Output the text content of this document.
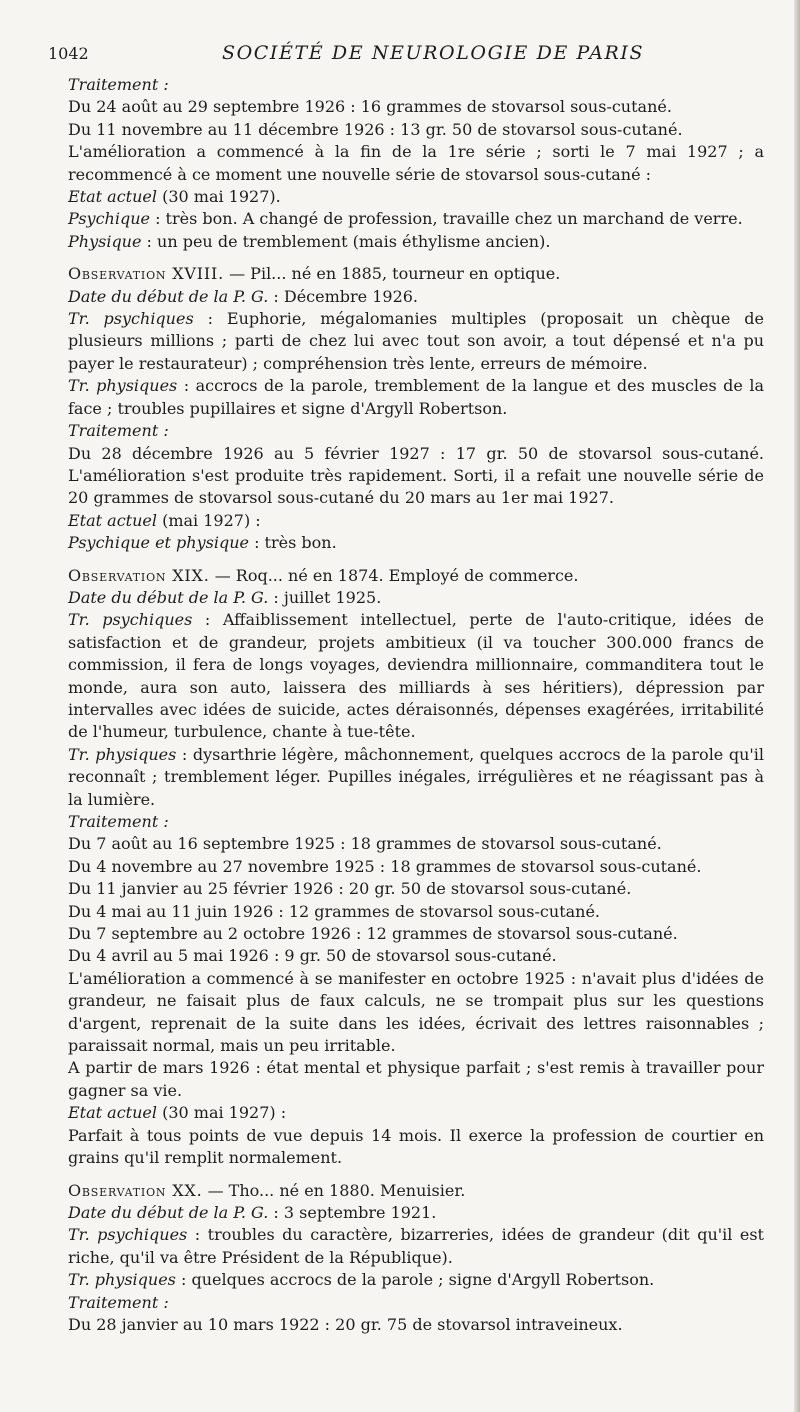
1042	SOCIÉTÉ DE NEUROLOGIE DE PARIS

Traitement :

Du 24 août au 29 septembre 1926 : 16 grammes de stovarsol sous-cutané.

Du 11 novembre au 11 décembre 1926 : 13 gr. 50 de stovarsol sous-cutané.

L'amélioration a commencé à la fin de la 1re série ; sorti le 7 mai 1927 ; a recommencé à ce moment une nouvelle série de stovarsol sous-cutané :

Etat actuel (30 mai 1927).

Psychique : très bon. A changé de profession, travaille chez un marchand de verre.

Physique : un peu de tremblement (mais éthylisme ancien).

Observation XVIII. — Pil... né en 1885, tourneur en optique.

Date du début de la P. G. : Décembre 1926.

Tr. psychiques : Euphorie, mégalomanies multiples (proposait un chèque de plusieurs millions ; parti de chez lui avec tout son avoir, a tout dépensé et n'a pu payer le restaurateur) ; compréhension très lente, erreurs de mémoire.

Tr. physiques : accrocs de la parole, tremblement de la langue et des muscles de la face ; troubles pupillaires et signe d'Argyll Robertson.

Traitement :

Du 28 décembre 1926 au 5 février 1927 : 17 gr. 50 de stovarsol sous-cutané. L'amélioration s'est produite très rapidement. Sorti, il a refait une nouvelle série de 20 grammes de stovarsol sous-cutané du 20 mars au 1er mai 1927.

Etat actuel (mai 1927) :

Psychique et physique : très bon.

Observation XIX. — Roq... né en 1874. Employé de commerce.

Date du début de la P. G. : juillet 1925.

Tr. psychiques : Affaiblissement intellectuel, perte de l'auto-critique, idées de satisfaction et de grandeur, projets ambitieux (il va toucher 300.000 francs de commission, il fera de longs voyages, deviendra millionnaire, commanditera tout le monde, aura son auto, laissera des milliards à ses héritiers), dépression par intervalles avec idées de suicide, actes déraisonnés, dépenses exagérées, irritabilité de l'humeur, turbulence, chante à tue-tête.

Tr. physiques : dysarthrie légère, mâchonnement, quelques accrocs de la parole qu'il reconnaît ; tremblement léger. Pupilles inégales, irrégulières et ne réagissant pas à la lumière.

Traitement :

Du 7 août au 16 septembre 1925 : 18 grammes de stovarsol sous-cutané.

Du 4 novembre au 27 novembre 1925 : 18 grammes de stovarsol sous-cutané.

Du 11 janvier au 25 février 1926 : 20 gr. 50 de stovarsol sous-cutané.

Du 4 mai au 11 juin 1926 : 12 grammes de stovarsol sous-cutané.

Du 7 septembre au 2 octobre 1926 : 12 grammes de stovarsol sous-cutané.

Du 4 avril au 5 mai 1926 : 9 gr. 50 de stovarsol sous-cutané.

L'amélioration a commencé à se manifester en octobre 1925 : n'avait plus d'idées de grandeur, ne faisait plus de faux calculs, ne se trompait plus sur les questions d'argent, reprenait de la suite dans les idées, écrivait des lettres raisonnables ; paraissait normal, mais un peu irritable.

A partir de mars 1926 : état mental et physique parfait ; s'est remis à travailler pour gagner sa vie.

Etat actuel (30 mai 1927) :

Parfait à tous points de vue depuis 14 mois. Il exerce la profession de courtier en grains qu'il remplit normalement.

Observation XX. — Tho... né en 1880. Menuisier.

Date du début de la P. G. : 3 septembre 1921.

Tr. psychiques : troubles du caractère, bizarreries, idées de grandeur (dit qu'il est riche, qu'il va être Président de la République).

Tr. physiques : quelques accrocs de la parole ; signe d'Argyll Robertson.

Traitement :

Du 28 janvier au 10 mars 1922 : 20 gr. 75 de stovarsol intraveineux.
